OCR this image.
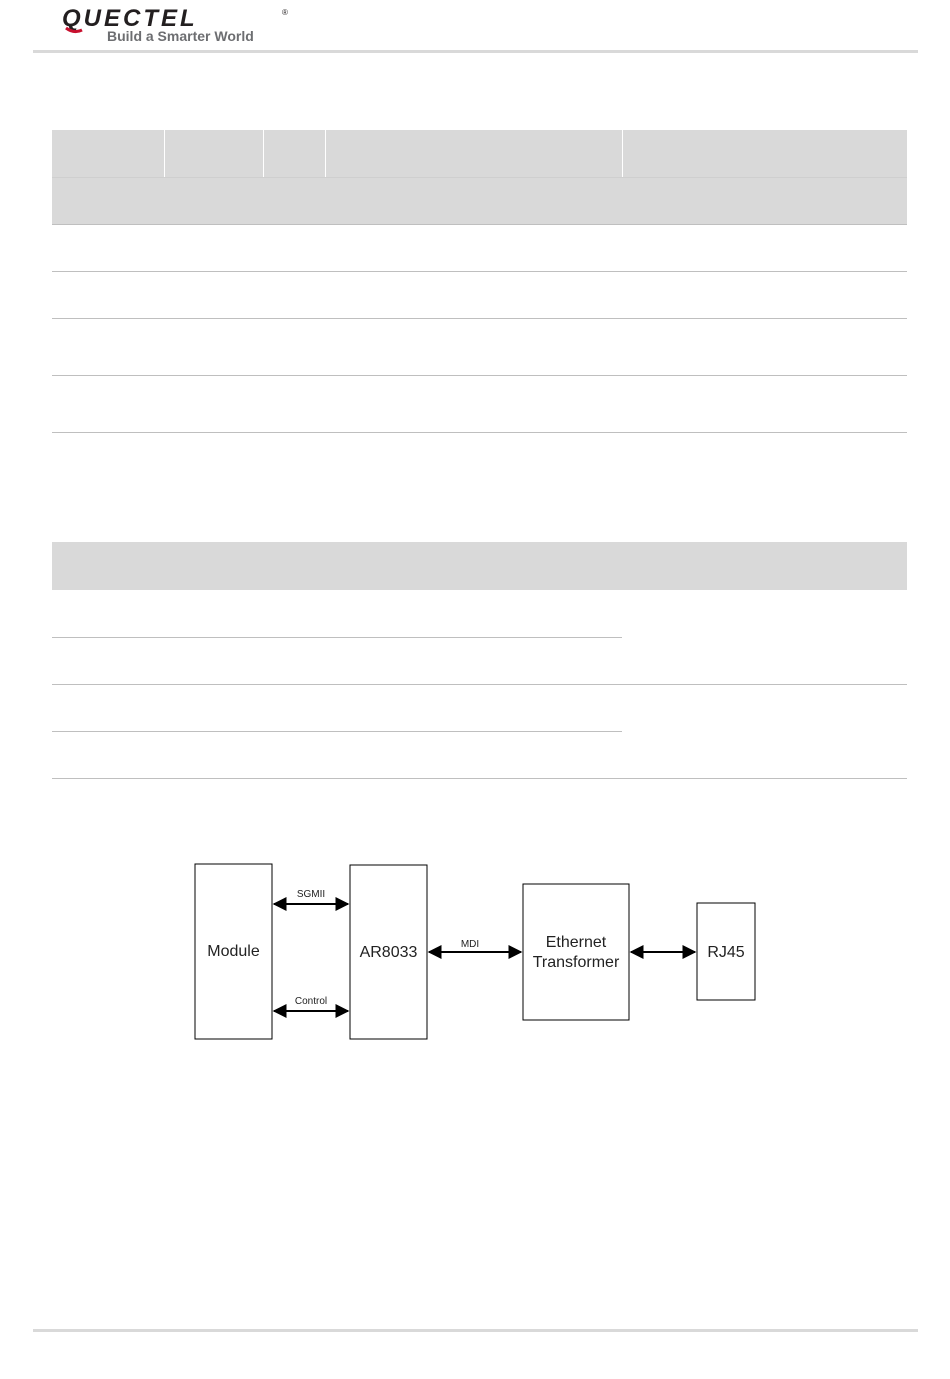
QUECTEL	®
Build a Smarter World
Module	AR8033
Ethernet
Transformer
RJ45
SGMII
Control
MDI
